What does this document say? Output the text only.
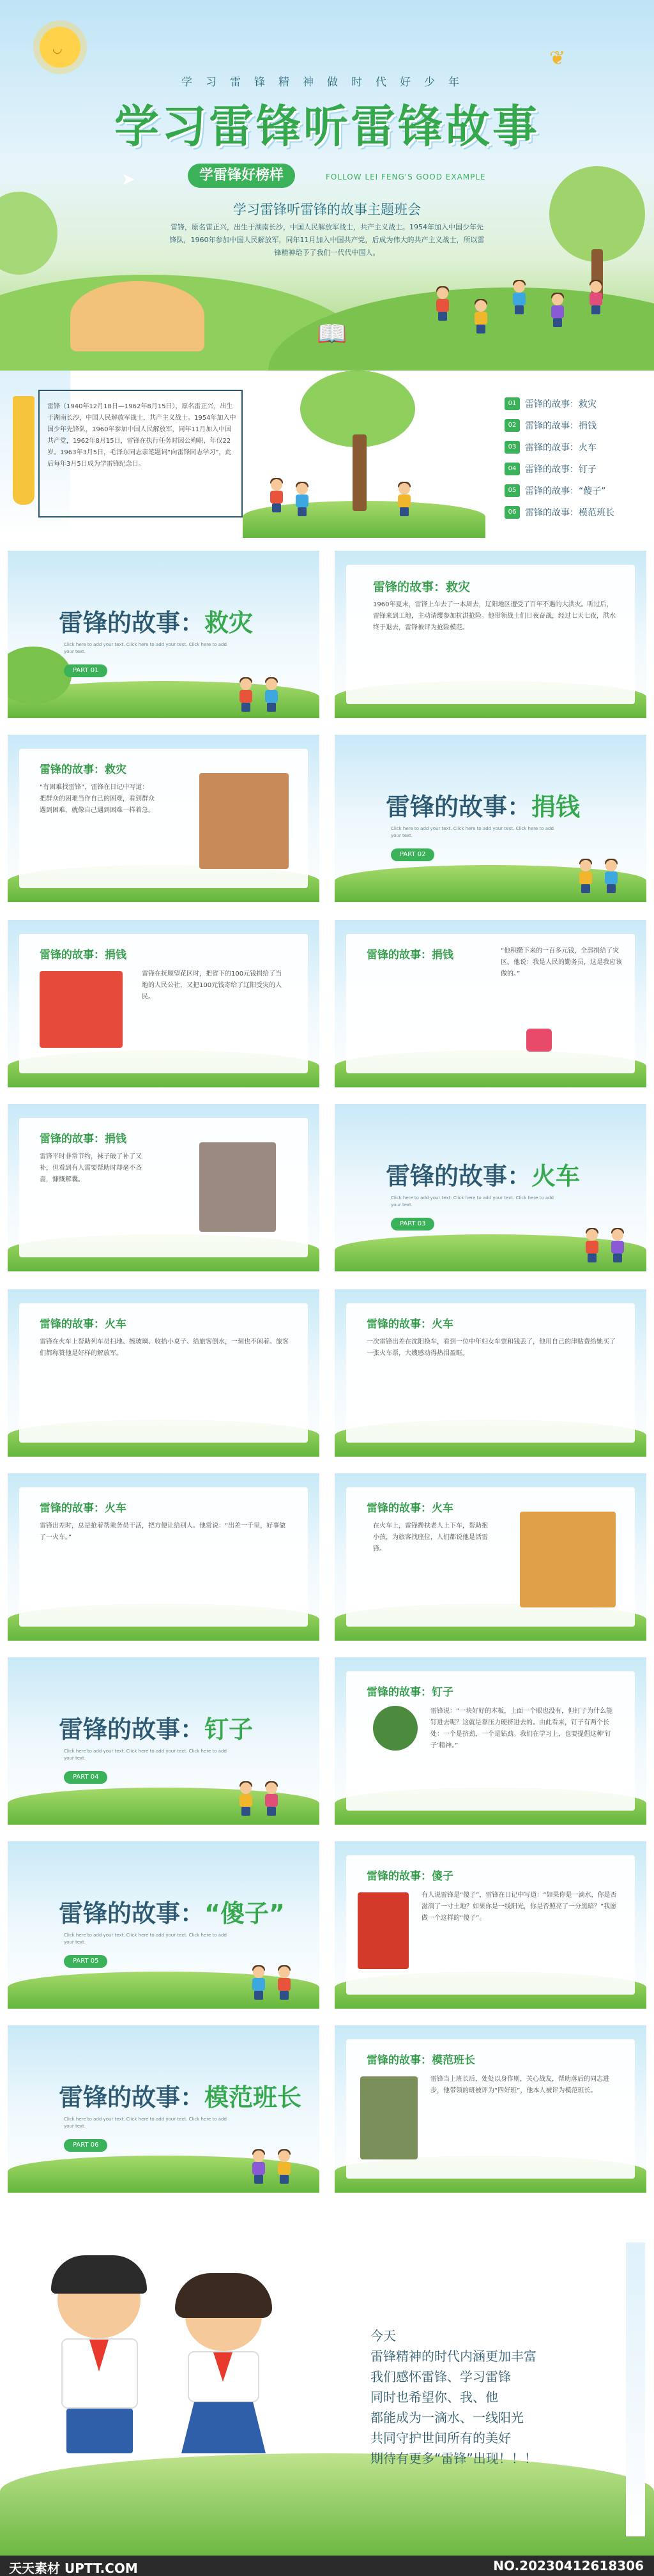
◡	❦
➤
学习雷锋精神做时代好少年
学习雷锋听雷锋故事
学雷锋好榜样	FOLLOW LEI FENG'S GOOD EXAMPLE
学习雷锋听雷锋的故事主题班会
雷锋，原名雷正兴，出生于湖南长沙，中国人民解放军战士，共产主义战士。1954年加入中国少年先锋队，1960年参加中国人民解放军，同年11月加入中国共产党，后成为伟大的共产主义战士，所以雷锋精神给予了我们一代代中国人。
📖
雷锋（1940年12月18日—1962年8月15日），原名雷正兴，出生于湖南长沙，中国人民解放军战士，共产主义战士。1954年加入中国少年先锋队，1960年参加中国人民解放军，同年11月加入中国共产党，1962年8月15日，雷锋在执行任务时因公殉职，年仅22岁。1963年3月5日，毛泽东同志亲笔题词“向雷锋同志学习”，此后每年3月5日成为学雷锋纪念日。
01 雷锋的故事：救灾
02 雷锋的故事：捐钱
03 雷锋的故事：火车
04 雷锋的故事：钉子
05 雷锋的故事：“傻子”
06 雷锋的故事：模范班长
雷锋的故事：救灾
Click here to add your text. Click here to add your text. Click here to add your text.
PART 01
雷锋的故事：救灾
1960年夏末，雷锋上车去了一本周去，辽阳地区遭受了百年不遇的大洪灾。听过后，雷锋来到工地，主动请缨参加抗洪抢险。他带领战士们日夜奋战，经过七天七夜，洪水终于退去，雷锋被评为抢险模范。
雷锋的故事：救灾
“有困难找雷锋”，雷锋在日记中写道：把群众的困难当作自己的困难，看到群众遇到困难，就像自己遇到困难一样着急。	雷锋的故事：捐钱
Click here to add your text. Click here to add your text. Click here to add your text.
PART 02
雷锋的故事：捐钱
雷锋在抚顺望花区时，把省下的100元钱捐给了当地的人民公社，又把100元钱寄给了辽阳受灾的人民。
雷锋的故事：捐钱	“他积攒下来的一百多元钱，全部捐给了灾区。他说：我是人民的勤务员，这是我应该做的。”
雷锋的故事：捐钱
雷锋平时非常节约，袜子破了补了又补，但看到有人需要帮助时却毫不吝啬，慷慨解囊。	雷锋的故事：火车
Click here to add your text. Click here to add your text. Click here to add your text.
PART 03
雷锋的故事：火车
雷锋在火车上帮助列车员扫地、擦玻璃、收拾小桌子、给旅客倒水，一刻也不闲着。旅客们都称赞他是好样的解放军。
雷锋的故事：火车
一次雷锋出差在沈阳换车，看到一位中年妇女车票和钱丢了，他用自己的津贴费给她买了一张火车票，大嫂感动得热泪盈眶。
雷锋的故事：火车
雷锋出差时，总是抢着帮乘务员干活，把方便让给别人。他常说：“出差一千里，好事做了一火车。”
雷锋的故事：火车
在火车上，雷锋搀扶老人上下车，帮助抱小孩，为旅客找座位，人们都说他是活雷锋。
雷锋的故事：钉子
Click here to add your text. Click here to add your text. Click here to add your text.
PART 04
雷锋的故事：钉子
雷锋说：“一块好好的木板，上面一个眼也没有，但钉子为什么能钉进去呢？这就是靠压力硬挤进去的。由此看来，钉子有两个长处：一个是挤劲，一个是钻劲。我们在学习上，也要提倡这种‘钉子’精神。”
雷锋的故事：“傻子”
Click here to add your text. Click here to add your text. Click here to add your text.
PART 05
雷锋的故事：傻子
有人说雷锋是“傻子”，雷锋在日记中写道：“如果你是一滴水，你是否滋润了一寸土地？如果你是一线阳光，你是否照亮了一分黑暗？”我愿做一个这样的“傻子”。
雷锋的故事：模范班长
Click here to add your text. Click here to add your text. Click here to add your text.
PART 06
雷锋的故事：模范班长
雷锋当上班长后，处处以身作则，关心战友，帮助落后的同志进步，他带领的班被评为“四好班”，他本人被评为模范班长。
今天
雷锋精神的时代内涵更加丰富
我们感怀雷锋、学习雷锋
同时也希望你、我、他
都能成为一滴水、一线阳光
共同守护世间所有的美好
期待有更多“雷锋”出现！！！
天天素材 UPTT.COM	NO.20230412618306
